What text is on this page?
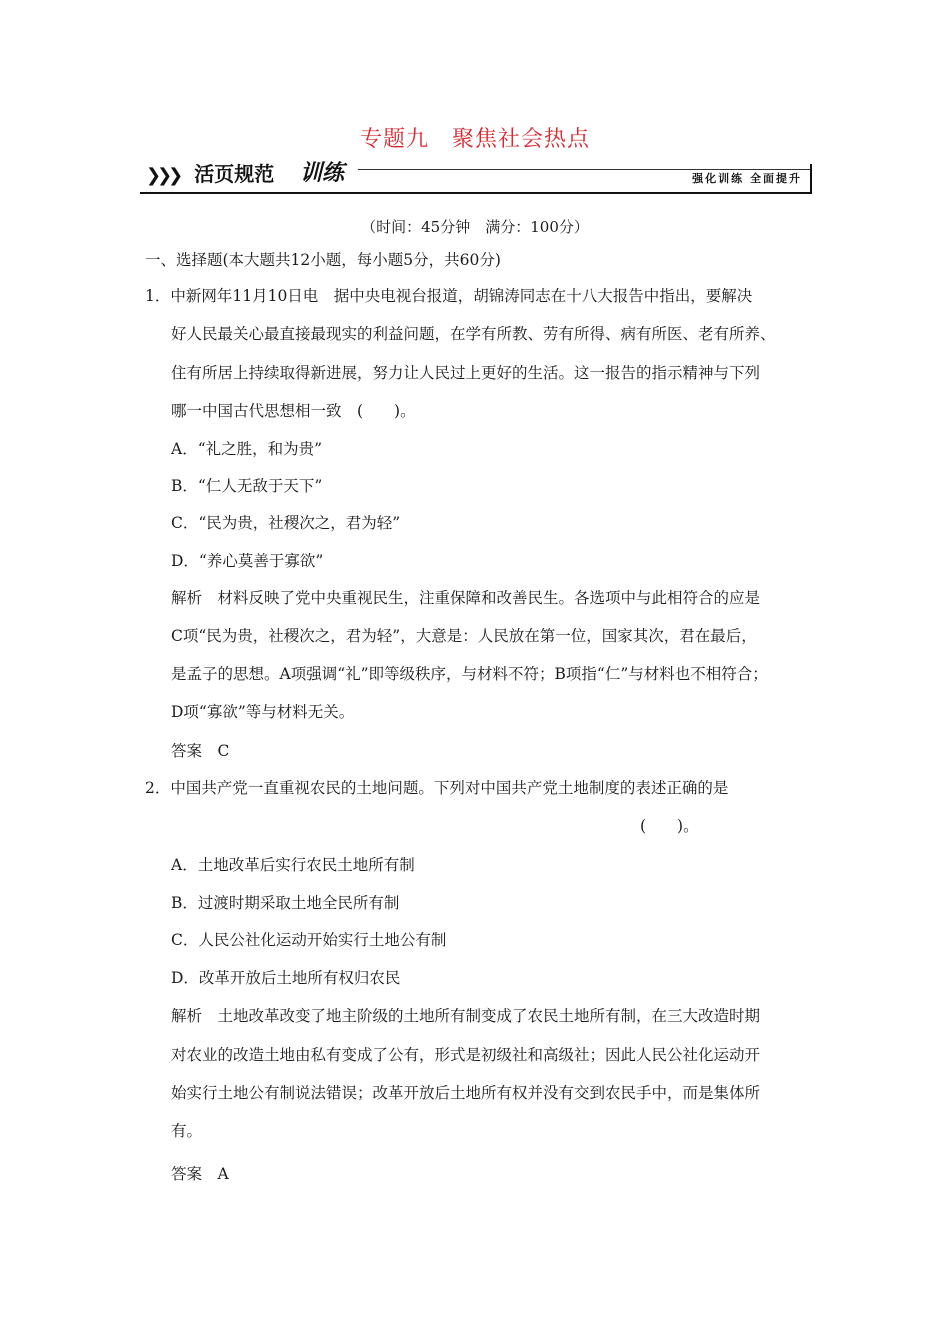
专题九　聚焦社会热点
❯❯❯ 活页规范 训练	强化训练 全面提升
（时间：45分钟　满分：100分）
一、选择题(本大题共12小题，每小题5分，共60分)
1．中新网年11月10日电　据中央电视台报道，胡锦涛同志在十八大报告中指出，要解决
好人民最关心最直接最现实的利益问题，在学有所教、劳有所得、病有所医、老有所养、
住有所居上持续取得新进展，努力让人民过上更好的生活。这一报告的指示精神与下列
哪一中国古代思想相一致　(　　)。
A．“礼之胜，和为贵”
B．“仁人无敌于天下”
C．“民为贵，社稷次之，君为轻”
D．“养心莫善于寡欲”
解析　材料反映了党中央重视民生，注重保障和改善民生。各选项中与此相符合的应是
C项“民为贵，社稷次之，君为轻”，大意是：人民放在第一位，国家其次，君在最后，
是孟子的思想。A项强调“礼”即等级秩序，与材料不符；B项指“仁”与材料也不相符合；
D项“寡欲”等与材料无关。
答案　C
2．中国共产党一直重视农民的土地问题。下列对中国共产党土地制度的表述正确的是
(　　)。
A．土地改革后实行农民土地所有制
B．过渡时期采取土地全民所有制
C．人民公社化运动开始实行土地公有制
D．改革开放后土地所有权归农民
解析　土地改革改变了地主阶级的土地所有制变成了农民土地所有制，在三大改造时期
对农业的改造土地由私有变成了公有，形式是初级社和高级社；因此人民公社化运动开
始实行土地公有制说法错误；改革开放后土地所有权并没有交到农民手中，而是集体所
有。
答案　A
